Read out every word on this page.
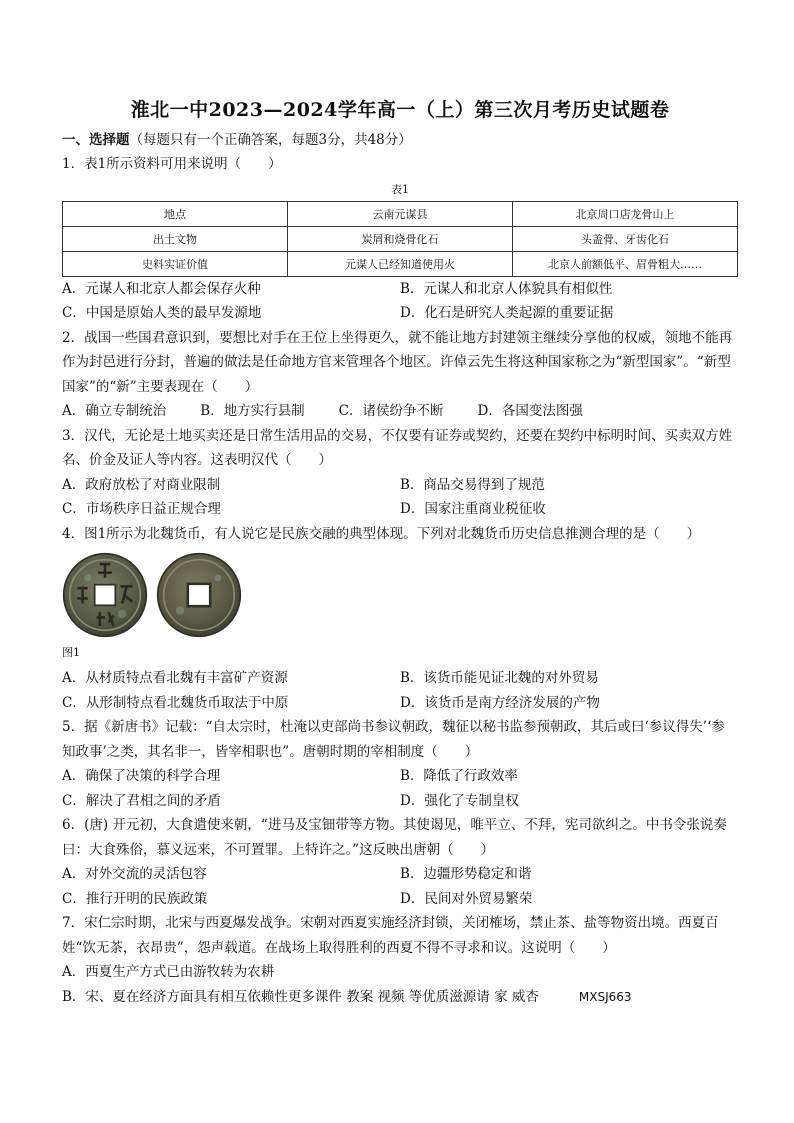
淮北一中2023—2024学年高一（上）第三次月考历史试题卷
一、选择题（每题只有一个正确答案，每题3分，共48分）

1．表1所示资料可用来说明（　　）

表1
地点	云南元谋县	北京周口店龙骨山上
出土文物	炭屑和烧骨化石	头盖骨、牙齿化石
史料实证价值	元谋人已经知道使用火	北京人前额低平、眉骨粗大……
A．元谋人和北京人都会保存火种	B．元谋人和北京人体貌具有相似性
C．中国是原始人类的最早发源地	D．化石是研究人类起源的重要证据

2．战国一些国君意识到，要想比对手在王位上坐得更久，就不能让地方封建领主继续分享他的权威，领地不能再作为封邑进行分封，普遍的做法是任命地方官来管理各个地区。许倬云先生将这种国家称之为“新型国家”。“新型国家”的“新”主要表现在（　　）

A．确立专制统治	B．地方实行县制	C．诸侯纷争不断	D．各国变法图强

3．汉代，无论是土地买卖还是日常生活用品的交易，不仅要有证券或契约，还要在契约中标明时间、买卖双方姓名、价金及证人等内容。这表明汉代（　　）

A．政府放松了对商业限制	B．商品交易得到了规范
C．市场秩序日益正规合理	D．国家注重商业税征收

4．图1所示为北魏货币，有人说它是民族交融的典型体现。下列对北魏货币历史信息推测合理的是（　　）

图1
A．从材质特点看北魏有丰富矿产资源	B．该货币能见证北魏的对外贸易
C．从形制特点看北魏货币取法于中原	D．该货币是南方经济发展的产物

5．据《新唐书》记载：“自太宗时，杜淹以吏部尚书参议朝政，魏征以秘书监参预朝政，其后或曰‘参议得失’‘参知政事’之类，其名非一，皆宰相职也”。唐朝时期的宰相制度（　　）

A．确保了决策的科学合理	B．降低了行政效率
C．解决了君相之间的矛盾	D．强化了专制皇权

6．(唐) 开元初，大食遣使来朝，“进马及宝钿带等方物。其使谒见，唯平立、不拜，宪司欲纠之。中书令张说奏曰：大食殊俗，慕义远来，不可置罪。上特许之。”这反映出唐朝（　　）

A．对外交流的灵活包容	B．边疆形势稳定和谐
C．推行开明的民族政策	D．民间对外贸易繁荣

7．宋仁宗时期，北宋与西夏爆发战争。宋朝对西夏实施经济封锁，关闭榷场，禁止茶、盐等物资出境。西夏百姓“饮无茶，衣昂贵”，怨声载道。在战场上取得胜利的西夏不得不寻求和议。这说明（　　）

A．西夏生产方式已由游牧转为农耕
B．宋、夏在经济方面具有相互依赖性更多课件 教案 视频 等优质滋源请 家 威杏	MXSJ663
